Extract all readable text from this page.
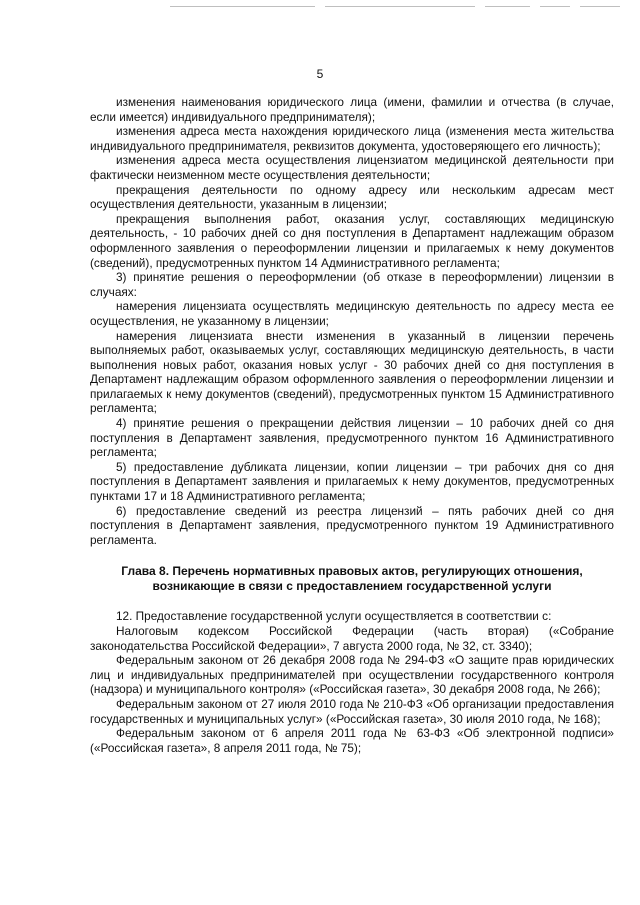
5

изменения наименования юридического лица (имени, фамилии и отчества (в случае, если имеется) индивидуального предпринимателя);

изменения адреса места нахождения юридического лица (изменения места жительства индивидуального предпринимателя, реквизитов документа, удостоверяющего его личность);

изменения адреса места осуществления лицензиатом медицинской деятельности при фактически неизменном месте осуществления деятельности;

прекращения деятельности по одному адресу или нескольким адресам мест осуществления деятельности, указанным в лицензии;

прекращения выполнения работ, оказания услуг, составляющих медицинскую деятельность, - 10 рабочих дней со дня поступления в Департамент надлежащим образом оформленного заявления о переоформлении лицензии и прилагаемых к нему документов (сведений), предусмотренных пунктом 14 Административного регламента;

3) принятие решения о переоформлении (об отказе в переоформлении) лицензии в случаях:

намерения лицензиата осуществлять медицинскую деятельность по адресу места ее осуществления, не указанному в лицензии;

намерения лицензиата внести изменения в указанный в лицензии перечень выполняемых работ, оказываемых услуг, составляющих медицинскую деятельность, в части выполнения новых работ, оказания новых услуг - 30 рабочих дней со дня поступления в Департамент надлежащим образом оформленного заявления о переоформлении лицензии и прилагаемых к нему документов (сведений), предусмотренных пунктом 15 Административного регламента;

4) принятие решения о прекращении действия лицензии – 10 рабочих дней со дня поступления в Департамент заявления, предусмотренного пунктом 16 Административного регламента;

5) предоставление дубликата лицензии, копии лицензии – три рабочих дня со дня поступления в Департамент заявления и прилагаемых к нему документов, предусмотренных пунктами 17 и 18 Административного регламента;

6) предоставление сведений из реестра лицензий – пять рабочих дней со дня поступления в Департамент заявления, предусмотренного пунктом 19 Административного регламента.

Глава 8. Перечень нормативных правовых актов, регулирующих отношения, возникающие в связи с предоставлением государственной услуги

12. Предоставление государственной услуги осуществляется в соответствии с:

Налоговым кодексом Российской Федерации (часть вторая) («Собрание законодательства Российской Федерации», 7 августа 2000 года, № 32, ст. 3340);

Федеральным законом от 26 декабря 2008 года № 294-ФЗ «О защите прав юридических лиц и индивидуальных предпринимателей при осуществлении государственного контроля (надзора) и муниципального контроля» («Российская газета», 30 декабря 2008 года, № 266);

Федеральным законом от 27 июля 2010 года № 210-ФЗ «Об организации предоставления государственных и муниципальных услуг» («Российская газета», 30 июля 2010 года, № 168);

Федеральным законом от 6 апреля 2011 года № 63-ФЗ «Об электронной подписи» («Российская газета», 8 апреля 2011 года, № 75);
